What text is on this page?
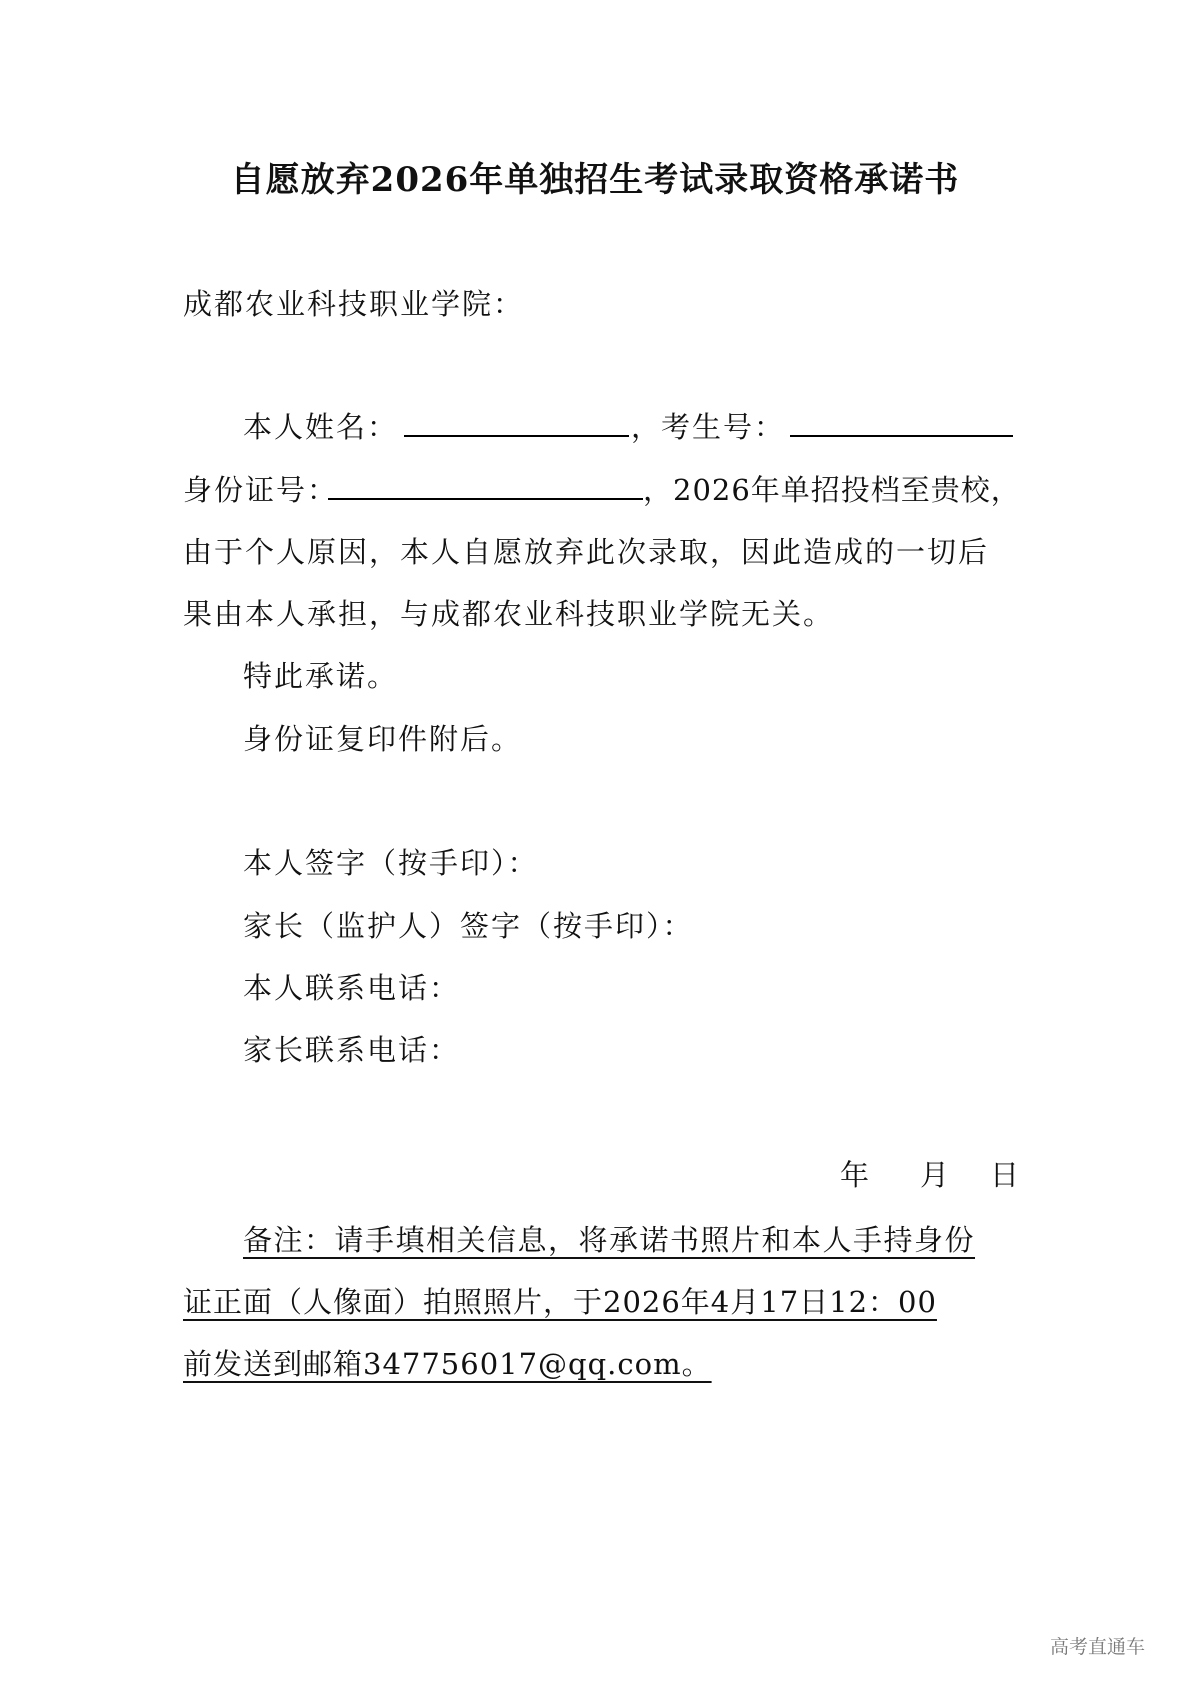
自愿放弃2026年单独招生考试录取资格承诺书
成都农业科技职业学院：
本人姓名：	，
考生号：
身份证号：	，2026年单招投档至贵校，
由于个人原因，本人自愿放弃此次录取，因此造成的一切后
果由本人承担，与成都农业科技职业学院无关。
特此承诺。
身份证复印件附后。
本人签字（按手印）：
家长（监护人）签字（按手印）：
本人联系电话：
家长联系电话：
年 月 日
备注：请手填相关信息，将承诺书照片和本人手持身份
证正面（人像面）拍照照片，于2026年4月17日12：00
前发送到邮箱347756017@qq.com。
高考直通车
